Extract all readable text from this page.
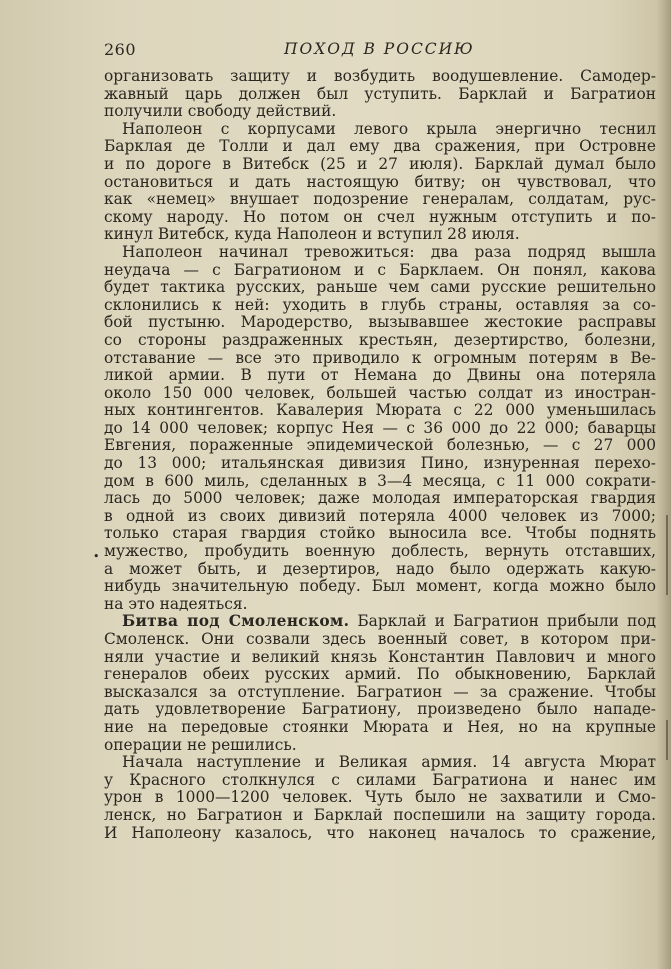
260	ПОХОД В РОССИЮ
•
организовать защиту и возбудить воодушевление. Самодер-
жавный царь должен был уступить. Барклай и Багратион
получили свободу действий.
Наполеон с корпусами левого крыла энергично теснил
Барклая де Толли и дал ему два сражения, при Островне
и по дороге в Витебск (25 и 27 июля). Барклай думал было
остановиться и дать настоящую битву; он чувствовал, что
как «немец» внушает подозрение генералам, солдатам, рус-
скому народу. Но потом он счел нужным отступить и по-
кинул Витебск, куда Наполеон и вступил 28 июля.
Наполеон начинал тревожиться: два раза подряд вышла
неудача — с Багратионом и с Барклаем. Он понял, какова
будет тактика русских, раньше чем сами русские решительно
склонились к ней: уходить в глубь страны, оставляя за со-
бой пустыню. Мародерство, вызывавшее жестокие расправы
со стороны раздраженных крестьян, дезертирство, болезни,
отставание — все это приводило к огромным потерям в Ве-
ликой армии. В пути от Немана до Двины она потеряла
около 150 000 человек, большей частью солдат из иностран-
ных контингентов. Кавалерия Мюрата с 22 000 уменьшилась
до 14 000 человек; корпус Нея — с 36 000 до 22 000; баварцы
Евгения, пораженные эпидемической болезнью, — с 27 000
до 13 000; итальянская дивизия Пино, изнуренная перехо-
дом в 600 миль, сделанных в 3—4 месяца, с 11 000 сократи-
лась до 5000 человек; даже молодая императорская гвардия
в одной из своих дивизий потеряла 4000 человек из 7000;
только старая гвардия стойко выносила все. Чтобы поднять
мужество, пробудить военную доблесть, вернуть отставших,
а может быть, и дезертиров, надо было одержать какую-
нибудь значительную победу. Был момент, когда можно было
на это надеяться.
Битва под Смоленском. Барклай и Багратион прибыли под
Смоленск. Они созвали здесь военный совет, в котором при-
няли участие и великий князь Константин Павлович и много
генералов обеих русских армий. По обыкновению, Барклай
высказался за отступление. Багратион — за сражение. Чтобы
дать удовлетворение Багратиону, произведено было нападе-
ние на передовые стоянки Мюрата и Нея, но на крупные
операции не решились.
Начала наступление и Великая армия. 14 августа Мюрат
у Красного столкнулся с силами Багратиона и нанес им
урон в 1000—1200 человек. Чуть было не захватили и Смо-
ленск, но Багратион и Барклай поспешили на защиту города.
И Наполеону казалось, что наконец началось то сражение,
